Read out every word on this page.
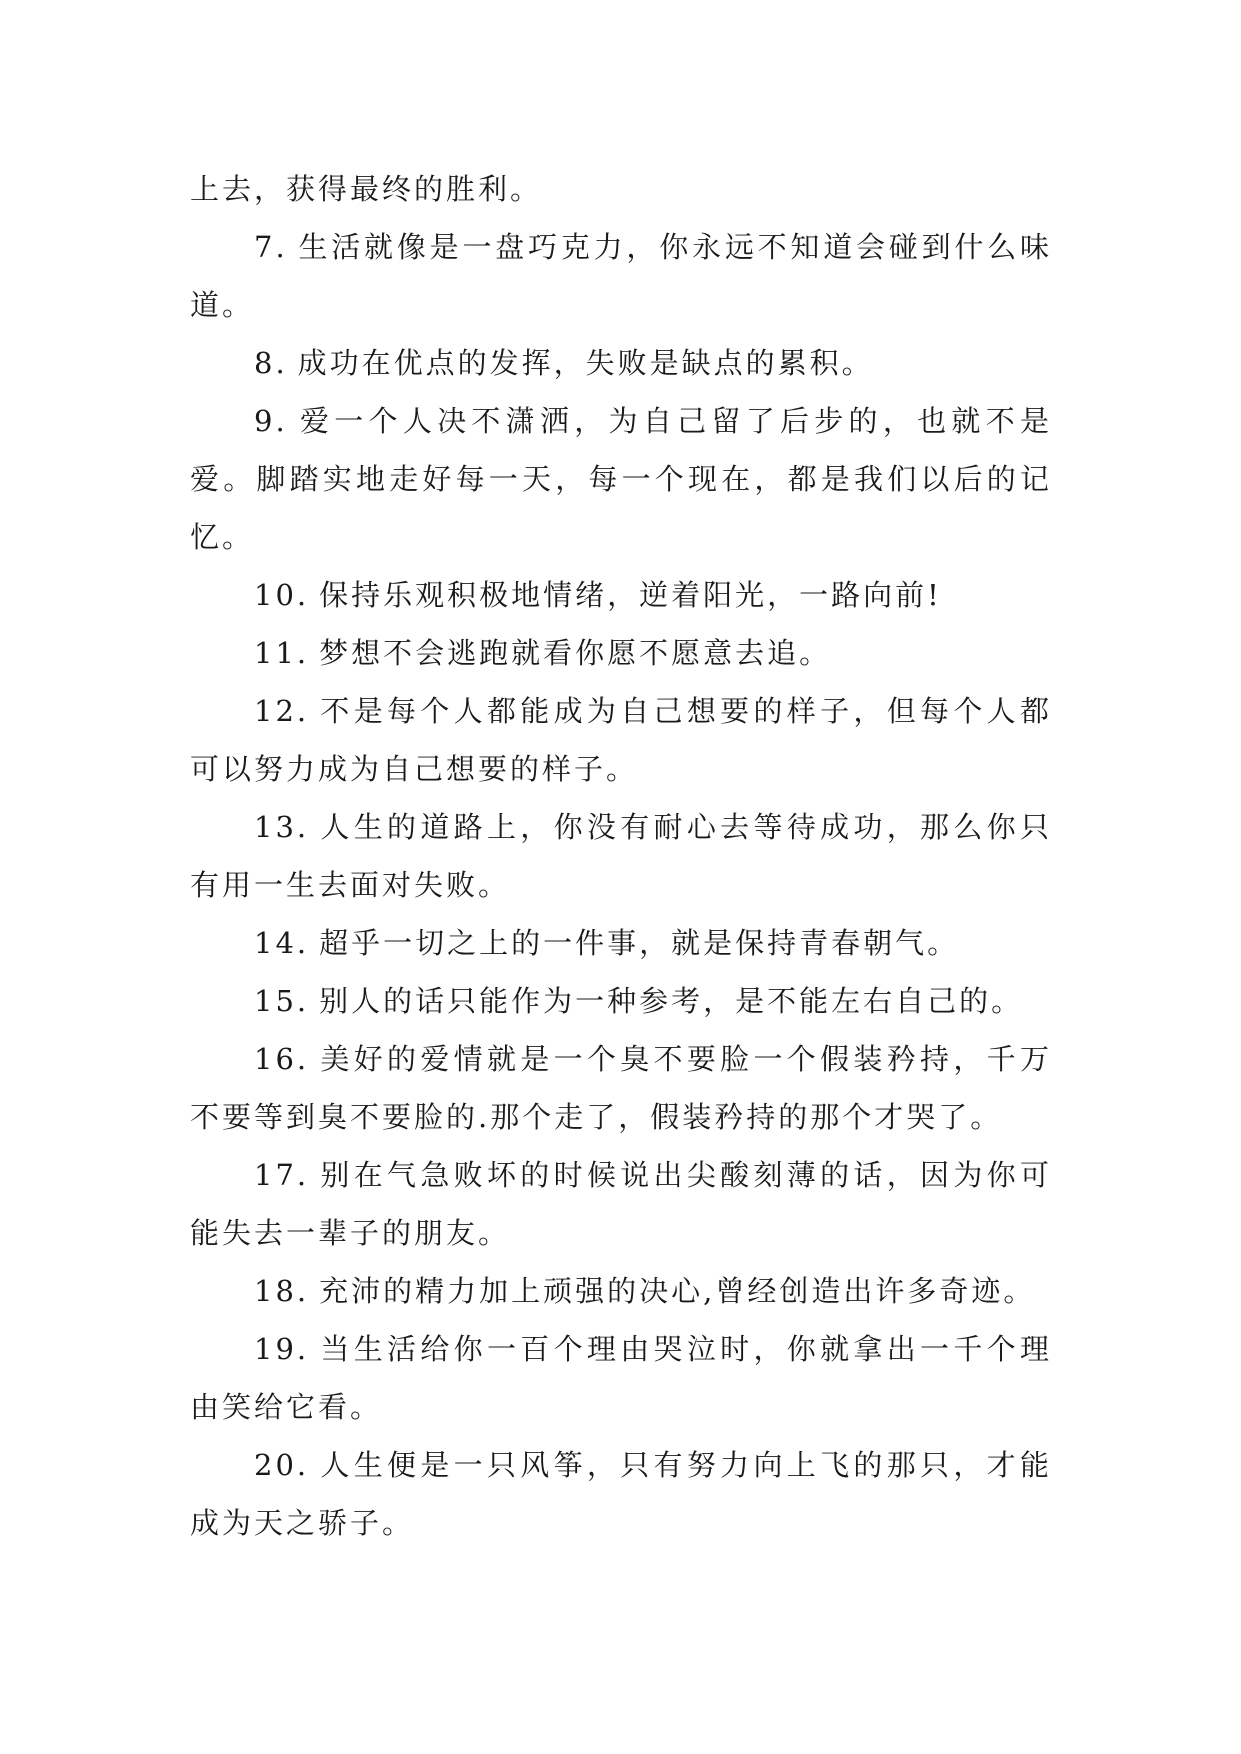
上去，获得最终的胜利。

7. 生活就像是一盘巧克力，你永远不知道会碰到什么味道。

8. 成功在优点的发挥，失败是缺点的累积。

9. 爱一个人决不潇洒，为自己留了后步的，也就不是爱。脚踏实地走好每一天，每一个现在，都是我们以后的记忆。

10. 保持乐观积极地情绪，逆着阳光，一路向前!

11. 梦想不会逃跑就看你愿不愿意去追。

12. 不是每个人都能成为自己想要的样子，但每个人都可以努力成为自己想要的样子。

13. 人生的道路上，你没有耐心去等待成功，那么你只有用一生去面对失败。

14. 超乎一切之上的一件事，就是保持青春朝气。

15. 别人的话只能作为一种参考，是不能左右自己的。

16. 美好的爱情就是一个臭不要脸一个假装矜持，千万不要等到臭不要脸的.那个走了，假装矜持的那个才哭了。

17. 别在气急败坏的时候说出尖酸刻薄的话，因为你可能失去一辈子的朋友。

18. 充沛的精力加上顽强的决心,曾经创造出许多奇迹。

19. 当生活给你一百个理由哭泣时，你就拿出一千个理由笑给它看。

20. 人生便是一只风筝，只有努力向上飞的那只，才能成为天之骄子。
